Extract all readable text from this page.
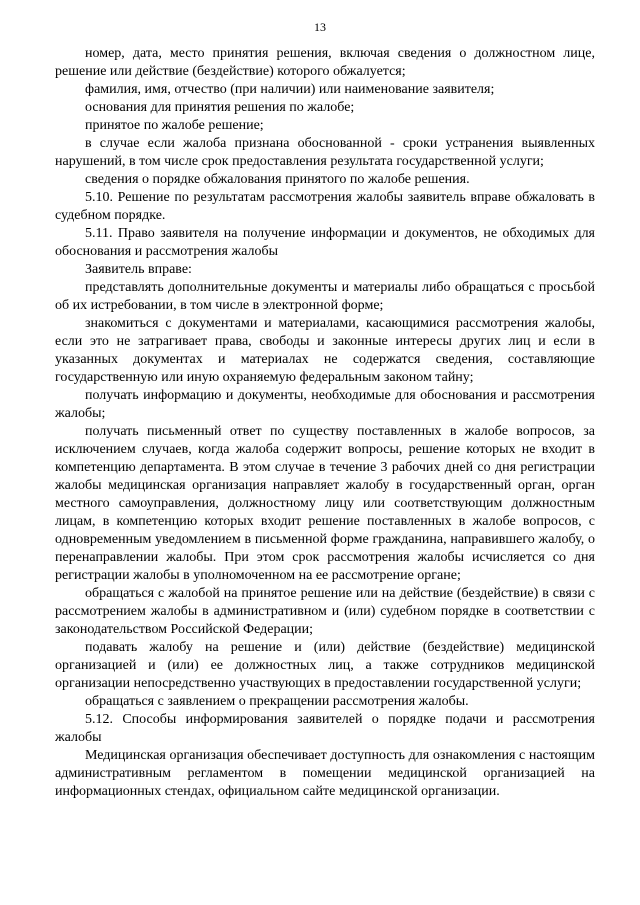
13

номер, дата, место принятия решения, включая сведения о должностном лице, решение или действие (бездействие) которого обжалуется;

фамилия, имя, отчество (при наличии) или наименование заявителя;

основания для принятия решения по жалобе;

принятое по жалобе решение;

в случае если жалоба признана обоснованной - сроки устранения выявленных нарушений, в том числе срок предоставления результата государственной услуги;

сведения о порядке обжалования принятого по жалобе решения.

5.10. Решение по результатам рассмотрения жалобы заявитель вправе обжаловать в судебном порядке.

5.11. Право заявителя на получение информации и документов, не обходимых для обоснования и рассмотрения жалобы

Заявитель вправе:

представлять дополнительные документы и материалы либо обращаться с просьбой об их истребовании, в том числе в электронной форме;

знакомиться с документами и материалами, касающимися рассмотрения жалобы, если это не затрагивает права, свободы и законные интересы других лиц и если в указанных документах и материалах не содержатся сведения, составляющие государственную или иную охраняемую федеральным законом тайну;

получать информацию и документы, необходимые для обоснования и рассмотрения жалобы;

получать письменный ответ по существу поставленных в жалобе вопросов, за исключением случаев, когда жалоба содержит вопросы, решение которых не входит в компетенцию департамента. В этом случае в течение 3 рабочих дней со дня регистрации жалобы медицинская организация направляет жалобу в государственный орган, орган местного самоуправления, должностному лицу или соответствующим должностным лицам, в компетенцию которых входит решение поставленных в жалобе вопросов, с одновременным уведомлением в письменной форме гражданина, направившего жалобу, о перенаправлении жалобы. При этом срок рассмотрения жалобы исчисляется со дня регистрации жалобы в уполномоченном на ее рассмотрение органе;

обращаться с жалобой на принятое решение или на действие (бездействие) в связи с рассмотрением жалобы в административном и (или) судебном порядке в соответствии с законодательством Российской Федерации;

подавать жалобу на решение и (или) действие (бездействие) медицинской организацией и (или) ее должностных лиц, а также сотрудников медицинской организации непосредственно участвующих в предоставлении государственной услуги;

обращаться с заявлением о прекращении рассмотрения жалобы.

5.12. Способы информирования заявителей о порядке подачи и рассмотрения жалобы

Медицинская организация обеспечивает доступность для ознакомления с настоящим административным регламентом в помещении медицинской организацией на информационных стендах, официальном сайте медицинской организации.
